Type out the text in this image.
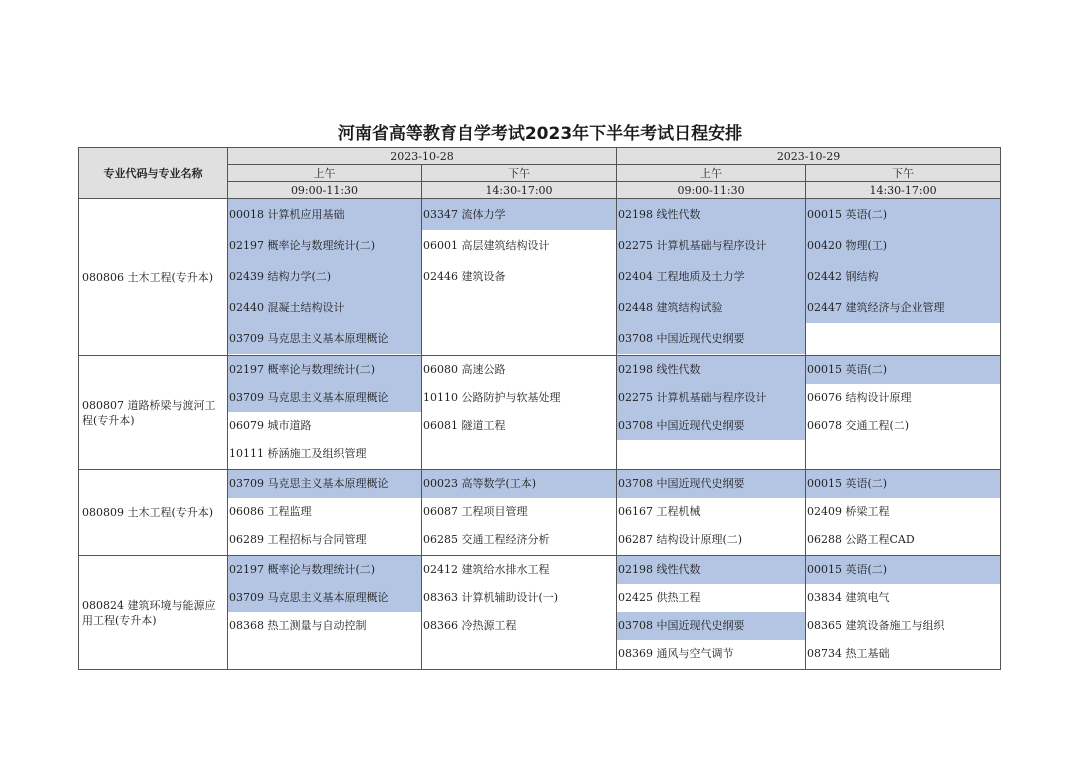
河南省高等教育自学考试2023年下半年考试日程安排
专业代码与专业名称	2023-10-28		2023-10-29	
	上午	下午	上午	下午
	09:00-11:30	14:30-17:00	09:00-11:30	14:30-17:00
080806 土木工程(专升本)	00018 计算机应用基础
02197 概率论与数理统计(二)
02439 结构力学(二)
02440 混凝土结构设计
03709 马克思主义基本原理概论	03347 流体力学
06001 高层建筑结构设计
02446 建筑设备	02198 线性代数
02275 计算机基础与程序设计
02404 工程地质及土力学
02448 建筑结构试验
03708 中国近现代史纲要	00015 英语(二)
00420 物理(工)
02442 钢结构
02447 建筑经济与企业管理

080807 道路桥梁与渡河工程(专升本)	02197 概率论与数理统计(二)
03709 马克思主义基本原理概论
06079 城市道路
10111 桥涵施工及组织管理	06080 高速公路
10110 公路防护与软基处理
06081 隧道工程	02198 线性代数
02275 计算机基础与程序设计
03708 中国近现代史纲要	00015 英语(二)
06076 结构设计原理
06078 交通工程(二)

080809 土木工程(专升本)	03709 马克思主义基本原理概论
06086 工程监理
06289 工程招标与合同管理	00023 高等数学(工本)
06087 工程项目管理
06285 交通工程经济分析	03708 中国近现代史纲要
06167 工程机械
06287 结构设计原理(二)	00015 英语(二)
02409 桥梁工程
06288 公路工程CAD

080824 建筑环境与能源应用工程(专升本)	02197 概率论与数理统计(二)
03709 马克思主义基本原理概论
08368 热工测量与自动控制	02412 建筑给水排水工程
08363 计算机辅助设计(一)
08366 冷热源工程	02198 线性代数
02425 供热工程
03708 中国近现代史纲要
08369 通风与空气调节	00015 英语(二)
03834 建筑电气
08365 建筑设备施工与组织
08734 热工基础
